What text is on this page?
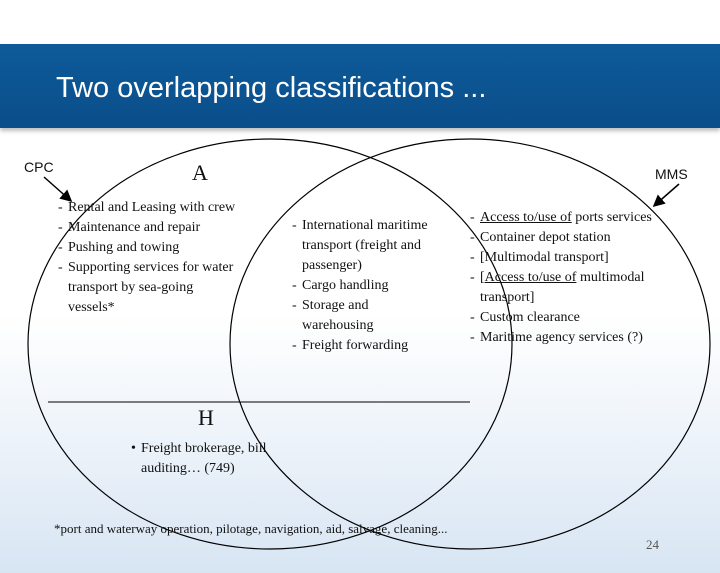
Two overlapping classifications ...
CPC	MMS
A
H
- Rental and Leasing with crew
- Maintenance and repair
- Pushing and towing
- Supporting services for water transport by sea-going vessels*
- International maritime transport (freight and passenger)
- Cargo handling
- Storage and warehousing
- Freight forwarding
- Access to/use of ports services
- Container depot station
- [Multimodal transport]
- [Access to/use of multimodal transport]
- Custom clearance
- Maritime agency services (?)
• Freight brokerage, bill auditing… (749)
*port and waterway operation, pilotage, navigation, aid, salvage, cleaning...
24
